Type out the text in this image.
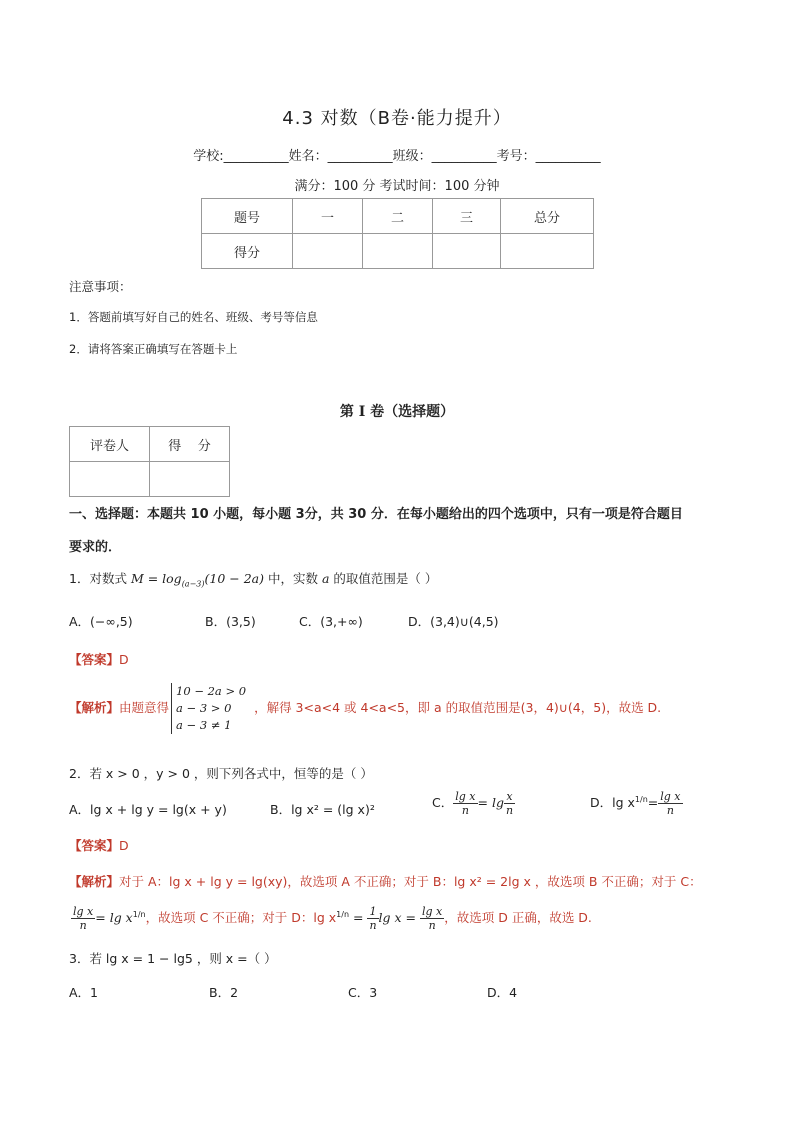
4.3 对数（B卷·能力提升）
学校:__________姓名：__________班级：__________考号：__________
满分：100 分 考试时间：100 分钟
题号	一	二	三	总分
得分				
注意事项：
1．答题前填写好自己的姓名、班级、考号等信息
2．请将答案正确填写在答题卡上
第 I 卷（选择题）
评卷人	得    分

一、选择题：本题共 10 小题，每小题 3分，共 30 分．在每小题给出的四个选项中，只有一项是符合题目
要求的．
1．对数式 $M = \log_{(a-3)}(10 - 2a)$ 中，实数 a 的取值范围是（ ）
A．(−∞,5)	B．(3,5)	C．(3,+∞)	D．(3,4)∪(4,5)
【答案】D
【解析】由题意得
10 − 2a > 0
a − 3 > 0
a − 3 ≠ 1
，解得 3<a<4 或 4<a<5，即 a 的取值范围是(3，4)∪(4，5)，故选 D.
2．若 x > 0 ，y > 0 ，则下列各式中，恒等的是（ ）
A．lg x + lg y = lg(x + y)	B．lg x² = (lg x)²	C． $\frac{\text{lg x}}{n} = \lg \frac{x}{n}$	D．$\lg x^{1/n}= \frac{\text{lg x}}{n}$
【答案】D
【解析】对于 A：lg x + lg y = lg(xy)，故选项 A 不正确；对于 B：lg x² = 2lg x ，故选项 B 不正确；对于 C：
$\frac{\text{lg x}}{n} = \lg x^{1/n}$，故选项 C 不正确；对于 D：$\lg x^{1/n} = \frac{1}{n}$ $\lg x = \frac{\text{lg x}}{n}$ ，故选项 D 正确，故选 D.
3．若 lg x = 1 − lg5 ，则 x =（ ）
A．1	B．2	C．3	D．4
